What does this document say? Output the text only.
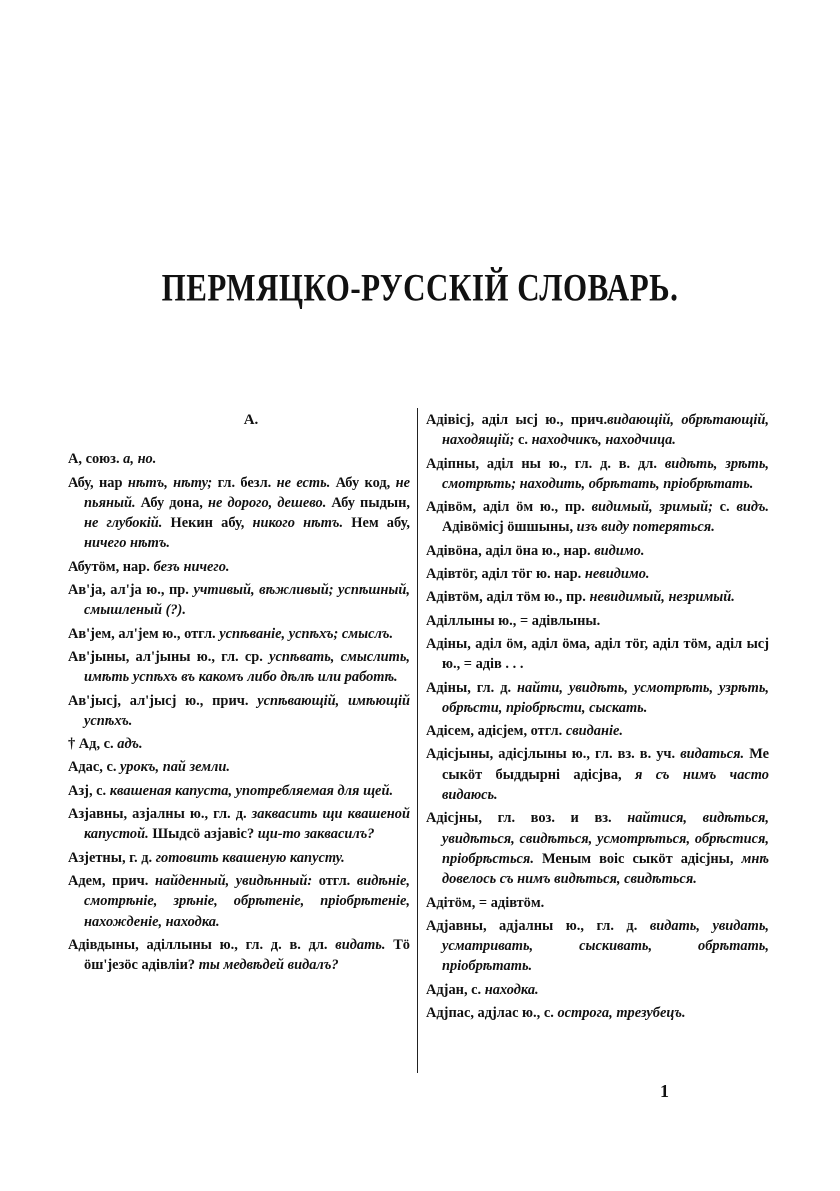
ПЕРМЯЦКО-РУССКІЙ СЛОВАРЬ.
А.
А, союз. а, но.
Абу, нар нѣтъ, нѣту; гл. безл. не есть. Абу код, не пьяный. Абу дона, не дорого, дешево. Абу пыдын, не глубокій. Некин абу, никого нѣтъ. Нем абу, ничего нѣтъ.
Абутöм, нар. безъ ничего.
Ав'ја, ал'ја ю., пр. учтивый, вѣжливый; успѣшный, смышленый (?).
Ав'јем, ал'јем ю., отгл. успѣваніе, успѣхъ; смыслъ.
Ав'јыны, ал'јыны ю., гл. ср. успѣвать, смыслить, имѣть успѣхъ въ какомъ либо дѣлѣ или работѣ.
Ав'јысј, ал'јысј ю., прич. успѣвающій, имѣющій успѣхъ.
† Ад, с. адъ.
Адас, с. урокъ, пай земли.
Азј, с. квашеная капуста, употребляемая для щей.
Азјавны, азјалны ю., гл. д. заквасить щи квашеной капустой. Шыдсö азјавіс? щи-то заквасилъ?
Азјетны, г. д. готовить квашеную капусту.
Адем, прич. найденный, увидѣнный: отгл. видѣніе, смотрѣніе, зрѣніе, обрѣтеніе, пріобрѣтеніе, нахожденіе, находка.
Адівдыны, аділлыны ю., гл. д. в. дл. видать. Тö öш'језöс адівліи? ты медвѣдей видалъ?
Адівісј, аділ ысј ю., прич.видающій, обрѣтающій, находящій; с. находчикъ, находчица.
Адіпны, аділ ны ю., гл. д. в. дл. видѣть, зрѣть, смотрѣть; находить, обрѣтать, пріобрѣтать.
Адівöм, аділ öм ю., пр. видимый, зримый; с. видъ. Адівöмісј öшшыны, изъ виду потеряться.
Адівöна, аділ öна ю., нар. видимо.
Адівтöг, аділ тöг ю. нар. невидимо.
Адівтöм, аділ тöм ю., пр. невидимый, незримый.
Аділлыны ю., = адівлыны.
Адіны, аділ öм, аділ öма, аділ тöг, аділ тöм, аділ ысј ю., = адів . . .
Адіны, гл. д. найти, увидѣть, усмотрѣть, узрѣть, обрѣсти, пріобрѣсти, сыскать.
Адісем, адісјем, отгл. свиданіе.
Адісјыны, адісјлыны ю., гл. вз. в. уч. видаться. Ме сыкöт быддырні адісјва, я съ нимъ часто видаюсь.
Адісјны, гл. воз. и вз. найтися, видѣться, увидѣться, свидѣться, усмотрѣться, обрѣстися, пріобрѣсться. Меным воіс сыкöт адісјны, мнѣ довелось съ нимъ видѣться, свидѣться.
Адітöм, = адівтöм.
Адјавны, адјалны ю., гл. д. видать, увидать, усматривать, сыскивать, обрѣтать, пріобрѣтать.
Адјан, с. находка.
Адјпас, адјлас ю., с. острога, трезубецъ.
1
